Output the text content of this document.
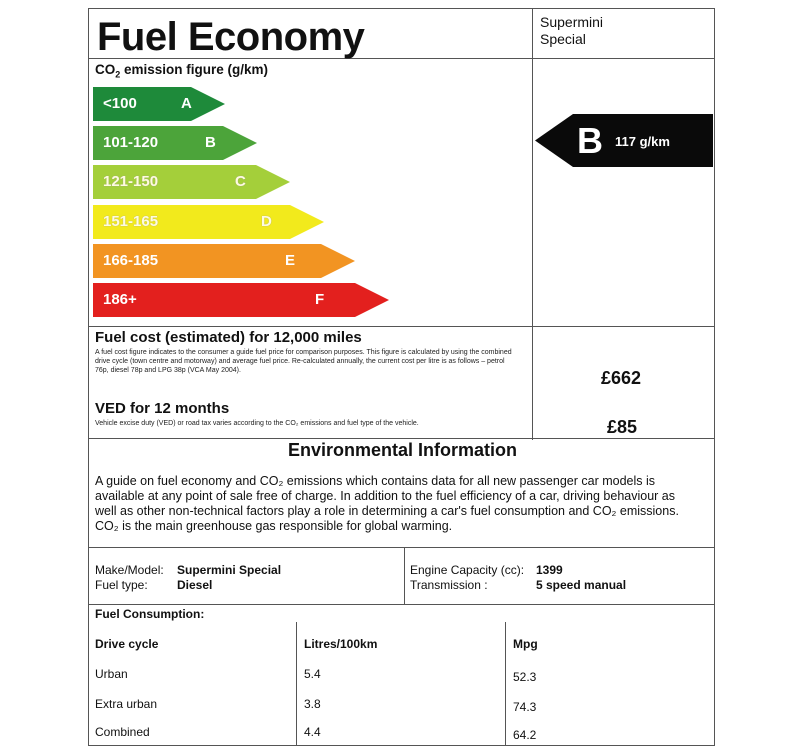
Fuel Economy	Supermini
Special
$CO_2$ emission figure (g/km)
<100	A
101-120	B
121-150	C
151-165	D
166-185	E
186+	F
B 117 g/km
Fuel cost (estimated) for 12,000 miles
A fuel cost figure indicates to the consumer a guide fuel price for comparison purposes. This figure is calculated by using the combined drive cycle (town centre and motorway) and average fuel price. Re-calculated annually, the current cost per litre is as follows – petrol 76p, diesel 78p and LPG 38p (VCA May 2004).	£662
VED for 12 months
Vehicle excise duty (VED) or road tax varies according to the CO₂ emissions and fuel type of the vehicle.	£85
Environmental Information
A guide on fuel economy and CO₂ emissions which contains data for all new passenger car models is available at any point of sale free of charge. In addition to the fuel efficiency of a car, driving behaviour as well as other non-technical factors play a role in determining a car's fuel consumption and CO₂ emissions. CO₂ is the main greenhouse gas responsible for global warming.
Make/Model: Supermini Special
Fuel type: Diesel
Engine Capacity (cc): 1399
Transmission :	5 speed manual
Fuel Consumption:
Drive cycle	Litres/100km	Mpg
Urban	5.4	52.3
Extra urban	3.8	74.3
Combined	4.4	64.2
